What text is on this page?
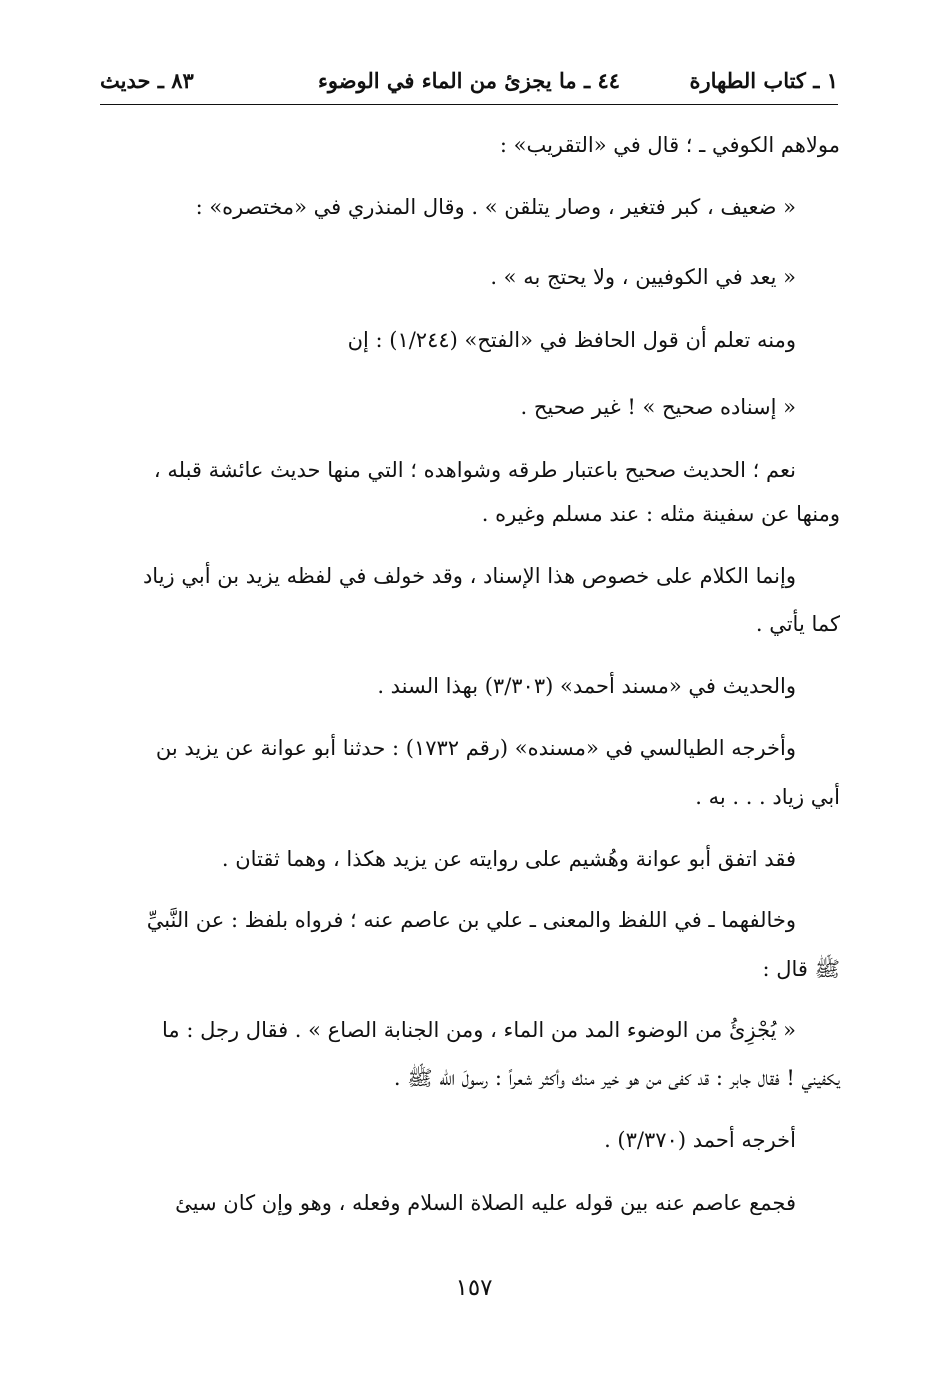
١ ـ كتاب الطهارة
٤٤ ـ ما يجزئ من الماء في الوضوء
٨٣ ـ حديث
مولاهم الكوفي ـ ؛ قال في «التقريب» :
« ضعيف ، كبر فتغير ، وصار يتلقن » . وقال المنذري في «مختصره» :
« يعد في الكوفيين ، ولا يحتج به » .
ومنه تعلم أن قول الحافظ في «الفتح» (١/٢٤٤) : إن
« إسناده صحيح » ! غير صحيح .
نعم ؛ الحديث صحيح باعتبار طرقه وشواهده ؛ التي منها حديث عائشة قبله ،
ومنها عن سفينة مثله : عند مسلم وغيره .
وإنما الكلام على خصوص هذا الإسناد ، وقد خولف في لفظه يزيد بن أبي زياد
كما يأتي .
والحديث في «مسند أحمد» (٣/٣٠٣) بهذا السند .
وأخرجه الطيالسي في «مسنده» (رقم ١٧٣٢) : حدثنا أبو عوانة عن يزيد بن
أبي زياد . . . به .
فقد اتفق أبو عوانة وهُشيم على روايته عن يزيد هكذا ، وهما ثقتان .
وخالفهما ـ في اللفظ والمعنى ـ علي بن عاصم عنه ؛ فرواه بلفظ : عن النَّبيِّ
ﷺ قال :
« يُجْزِئُ من الوضوء المد من الماء ، ومن الجنابة الصاع » . فقال رجل : ما
يكفيني ! فقال جابر : قد كفى من هو خير منك وأكثر شعراً : رسولَ الله ﷺ .
أخرجه أحمد (٣/٣٧٠) .
فجمع عاصم عنه بين قوله عليه الصلاة السلام وفعله ، وهو وإن كان سيئ
١٥٧
